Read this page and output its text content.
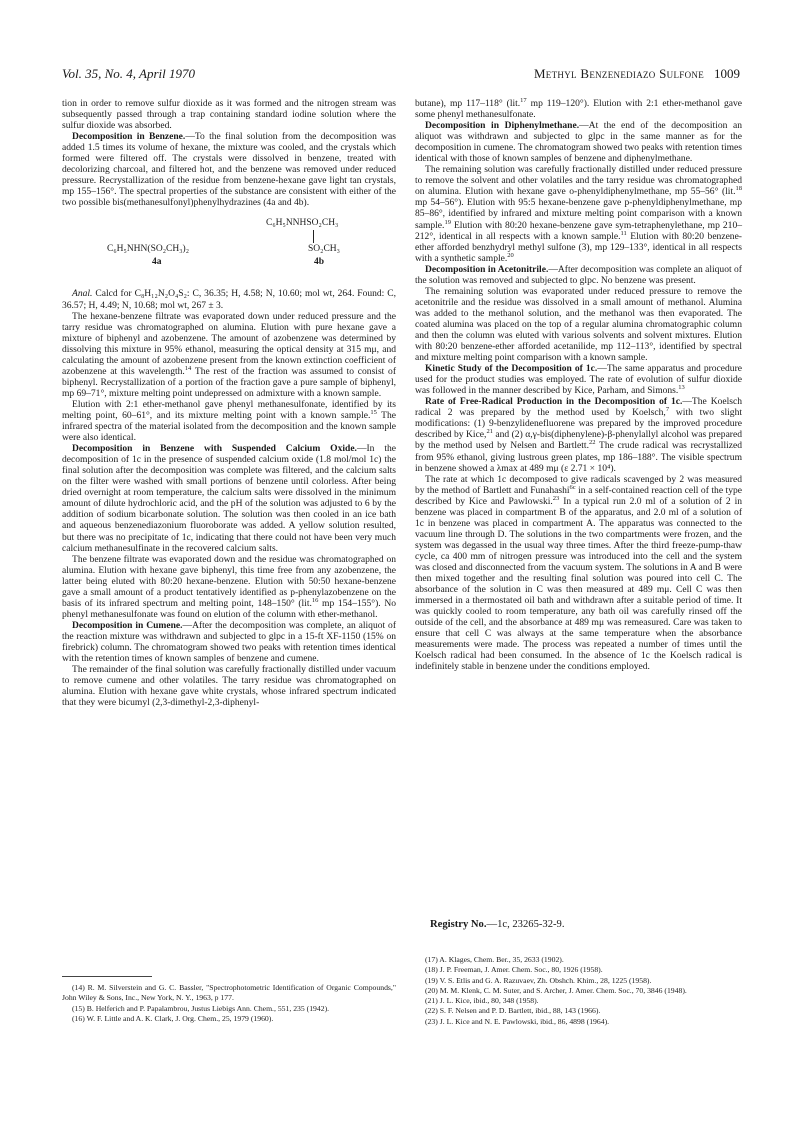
Vol. 35, No. 4, April 1970	Methyl Benzenediazo Sulfone 1009

tion in order to remove sulfur dioxide as it was formed and the nitrogen stream was subsequently passed through a trap containing standard iodine solution where the sulfur dioxide was absorbed.

Decomposition in Benzene.—To the final solution from the decomposition was added 1.5 times its volume of hexane, the mixture was cooled, and the crystals which formed were filtered off. The crystals were dissolved in benzene, treated with decolorizing charcoal, and filtered hot, and the benzene was removed under reduced pressure. Recrystallization of the residue from benzene-hexane gave light tan crystals, mp 155–156°. The spectral properties of the substance are consistent with either of the two possible bis(methanesulfonyl)phenylhydrazines (4a and 4b).

C₆H₅NHN(SO₂CH₃)₂
4a
C₆H₅NNHSO₂CH₃
SO₂CH₃
4b

Anal. Calcd for C₈H₁₂N₂O₄S₂: C, 36.35; H, 4.58; N, 10.60; mol wt, 264. Found: C, 36.57; H, 4.49; N, 10.68; mol wt, 267 ± 3.

The hexane-benzene filtrate was evaporated down under reduced pressure and the tarry residue was chromatographed on alumina. Elution with pure hexane gave a mixture of biphenyl and azobenzene. The amount of azobenzene was determined by dissolving this mixture in 95% ethanol, measuring the optical density at 315 mμ, and calculating the amount of azobenzene present from the known extinction coefficient of azobenzene at this wavelength.$^{14}$ The rest of the fraction was assumed to consist of biphenyl. Recrystallization of a portion of the fraction gave a pure sample of biphenyl, mp 69–71°, mixture melting point undepressed on admixture with a known sample.

Elution with 2:1 ether-methanol gave phenyl methanesulfonate, identified by its melting point, 60–61°, and its mixture melting point with a known sample.$^{15}$ The infrared spectra of the material isolated from the decomposition and the known sample were also identical.

Decomposition in Benzene with Suspended Calcium Oxide.—In the decomposition of 1c in the presence of suspended calcium oxide (1.8 mol/mol 1c) the final solution after the decomposition was complete was filtered, and the calcium salts on the filter were washed with small portions of benzene until colorless. After being dried overnight at room temperature, the calcium salts were dissolved in the minimum amount of dilute hydrochloric acid, and the pH of the solution was adjusted to 6 by the addition of sodium bicarbonate solution. The solution was then cooled in an ice bath and aqueous benzenediazonium fluoroborate was added. A yellow solution resulted, but there was no precipitate of 1c, indicating that there could not have been very much calcium methanesulfinate in the recovered calcium salts.

The benzene filtrate was evaporated down and the residue was chromatographed on alumina. Elution with hexane gave biphenyl, this time free from any azobenzene, the latter being eluted with 80:20 hexane-benzene. Elution with 50:50 hexane-benzene gave a small amount of a product tentatively identified as p-phenylazobenzene on the basis of its infrared spectrum and melting point, 148–150° (lit.$^{16}$ mp 154–155°). No phenyl methanesulfonate was found on elution of the column with ether-methanol.

Decomposition in Cumene.—After the decomposition was complete, an aliquot of the reaction mixture was withdrawn and subjected to glpc in a 15-ft XF-1150 (15% on firebrick) column. The chromatogram showed two peaks with retention times identical with the retention times of known samples of benzene and cumene.

The remainder of the final solution was carefully fractionally distilled under vacuum to remove cumene and other volatiles. The tarry residue was chromatographed on alumina. Elution with hexane gave white crystals, whose infrared spectrum indicated that they were bicumyl (2,3-dimethyl-2,3-diphenyl-

butane), mp 117–118° (lit.$^{17}$ mp 119–120°). Elution with 2:1 ether-methanol gave some phenyl methanesulfonate.

Decomposition in Diphenylmethane.—At the end of the decomposition an aliquot was withdrawn and subjected to glpc in the same manner as for the decomposition in cumene. The chromatogram showed two peaks with retention times identical with those of known samples of benzene and diphenylmethane.

The remaining solution was carefully fractionally distilled under reduced pressure to remove the solvent and other volatiles and the tarry residue was chromatographed on alumina. Elution with hexane gave o-phenyldiphenylmethane, mp 55–56° (lit.$^{18}$ mp 54–56°). Elution with 95:5 hexane-benzene gave p-phenyldiphenylmethane, mp 85–86°, identified by infrared and mixture melting point comparison with a known sample.$^{19}$ Elution with 80:20 hexane-benzene gave sym-tetraphenylethane, mp 210–212°, identical in all respects with a known sample.$^{11}$ Elution with 80:20 benzene-ether afforded benzhydryl methyl sulfone (3), mp 129–133°, identical in all respects with a synthetic sample.$^{20}$

Decomposition in Acetonitrile.—After decomposition was complete an aliquot of the solution was removed and subjected to glpc. No benzene was present.

The remaining solution was evaporated under reduced pressure to remove the acetonitrile and the residue was dissolved in a small amount of methanol. Alumina was added to the methanol solution, and the methanol was then evaporated. The coated alumina was placed on the top of a regular alumina chromatographic column and then the column was eluted with various solvents and solvent mixtures. Elution with 80:20 benzene-ether afforded acetanilide, mp 112–113°, identified by spectral and mixture melting point comparison with a known sample.

Kinetic Study of the Decomposition of 1c.—The same apparatus and procedure used for the product studies was employed. The rate of evolution of sulfur dioxide was followed in the manner described by Kice, Parham, and Simons.$^{13}$

Rate of Free-Radical Production in the Decomposition of 1c.—The Koelsch radical 2 was prepared by the method used by Koelsch,$^7$ with two slight modifications: (1) 9-benzylidenefluorene was prepared by the improved procedure described by Kice,$^{21}$ and (2) α,γ-bis(diphenylene)-β-phenylallyl alcohol was prepared by the method used by Nelsen and Bartlett.$^{22}$ The crude radical was recrystallized from 95% ethanol, giving lustrous green plates, mp 186–188°. The visible spectrum in benzene showed a λmax at 489 mμ (ε 2.71 × 10⁴).

The rate at which 1c decomposed to give radicals scavenged by 2 was measured by the method of Bartlett and Funahashi$^{6c}$ in a self-contained reaction cell of the type described by Kice and Pawlowski.$^{23}$ In a typical run 2.0 ml of a solution of 2 in benzene was placed in compartment B of the apparatus, and 2.0 ml of a solution of 1c in benzene was placed in compartment A. The apparatus was connected to the vacuum line through D. The solutions in the two compartments were frozen, and the system was degassed in the usual way three times. After the third freeze-pump-thaw cycle, ca 400 mm of nitrogen pressure was introduced into the cell and the system was closed and disconnected from the vacuum system. The solutions in A and B were then mixed together and the resulting final solution was poured into cell C. The absorbance of the solution in C was then measured at 489 mμ. Cell C was then immersed in a thermostated oil bath and withdrawn after a suitable period of time. It was quickly cooled to room temperature, any bath oil was carefully rinsed off the outside of the cell, and the absorbance at 489 mμ was remeasured. Care was taken to ensure that cell C was always at the same temperature when the absorbance measurements were made. The process was repeated a number of times until the Koelsch radical had been consumed. In the absence of 1c the Koelsch radical is indefinitely stable in benzene under the conditions employed.

Registry No.—1c, 23265-32-9.

(14) R. M. Silverstein and G. C. Bassler, "Spectrophotometric Identification of Organic Compounds," John Wiley & Sons, Inc., New York, N. Y., 1963, p 177.

(15) B. Helferich and P. Papalambrou, Justus Liebigs Ann. Chem., 551, 235 (1942).

(16) W. F. Little and A. K. Clark, J. Org. Chem., 25, 1979 (1960).

(17) A. Klages, Chem. Ber., 35, 2633 (1902).

(18) J. P. Freeman, J. Amer. Chem. Soc., 80, 1926 (1958).

(19) V. S. Etlis and G. A. Razuvaev, Zh. Obshch. Khim., 28, 1225 (1958).

(20) M. M. Klenk, C. M. Suter, and S. Archer, J. Amer. Chem. Soc., 70, 3846 (1948).

(21) J. L. Kice, ibid., 80, 348 (1958).

(22) S. F. Nelsen and P. D. Bartlett, ibid., 88, 143 (1966).

(23) J. L. Kice and N. E. Pawlowski, ibid., 86, 4898 (1964).
